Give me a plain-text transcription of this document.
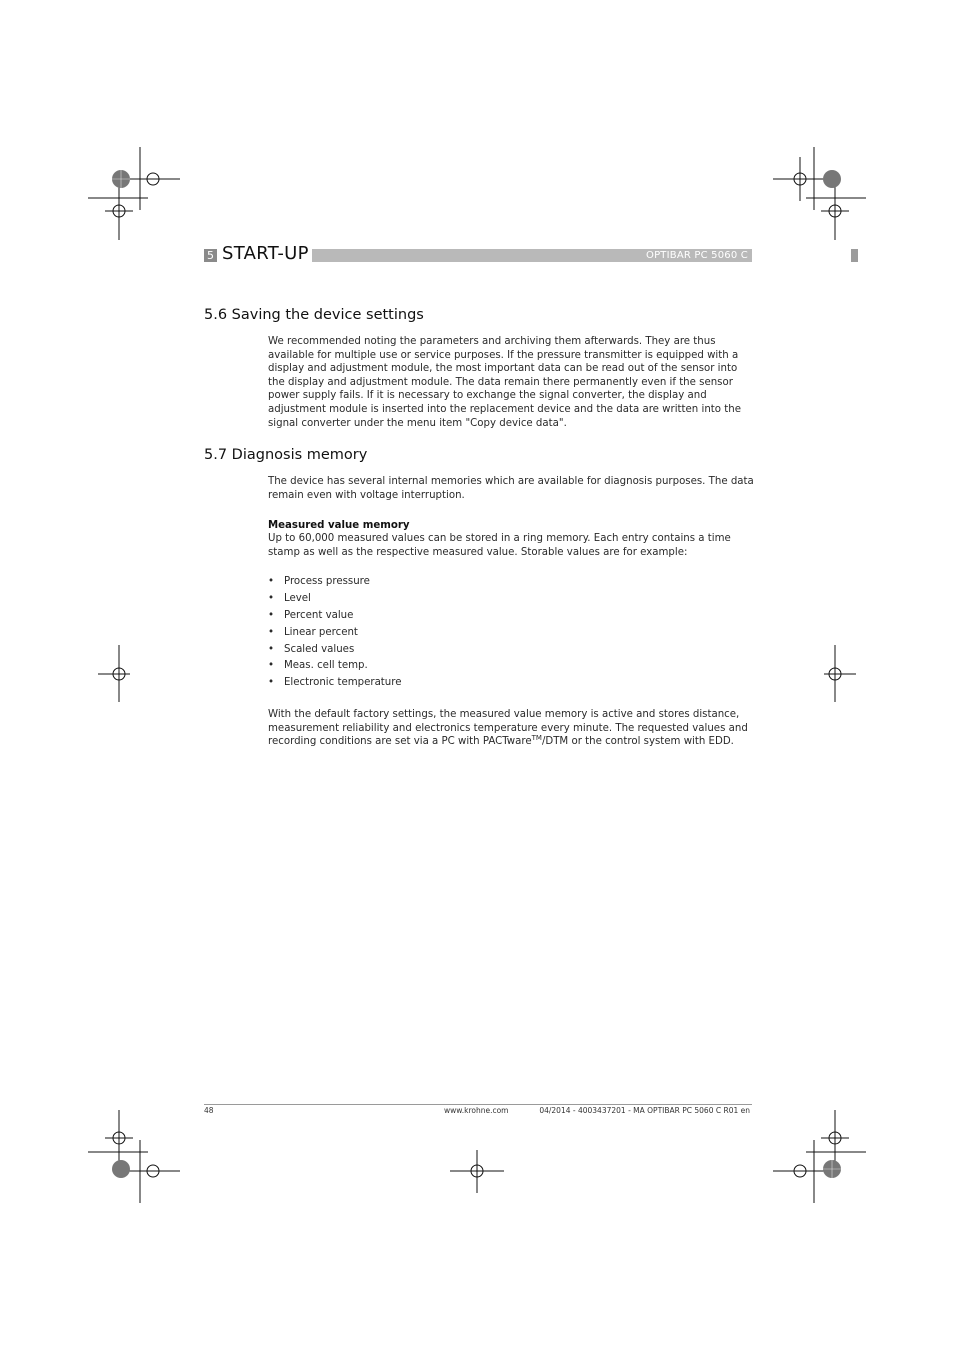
5 START-UP	OPTIBAR PC 5060 C
5.6 Saving the device settings
We recommended noting the parameters and archiving them afterwards. They are thus available for multiple use or service purposes. If the pressure transmitter is equipped with a display and adjustment module, the most important data can be read out of the sensor into the display and adjustment module. The data remain there permanently even if the sensor power supply fails. If it is necessary to exchange the signal converter, the display and adjustment module is inserted into the replacement device and the data are written into the signal converter under the menu item "Copy device data".
5.7 Diagnosis memory
The device has several internal memories which are available for diagnosis purposes. The data remain even with voltage interruption.
Measured value memory
Up to 60,000 measured values can be stored in a ring memory. Each entry contains a time stamp as well as the respective measured value. Storable values are for example:
• Process pressure
• Level
• Percent value
• Linear percent
• Scaled values
• Meas. cell temp.
• Electronic temperature
With the default factory settings, the measured value memory is active and stores distance, measurement reliability and electronics temperature every minute. The requested values and recording conditions are set via a PC with PACTware™/DTM or the control system with EDD.
48	www.krohne.com	04/2014 - 4003437201 - MA OPTIBAR PC 5060 C R01 en
